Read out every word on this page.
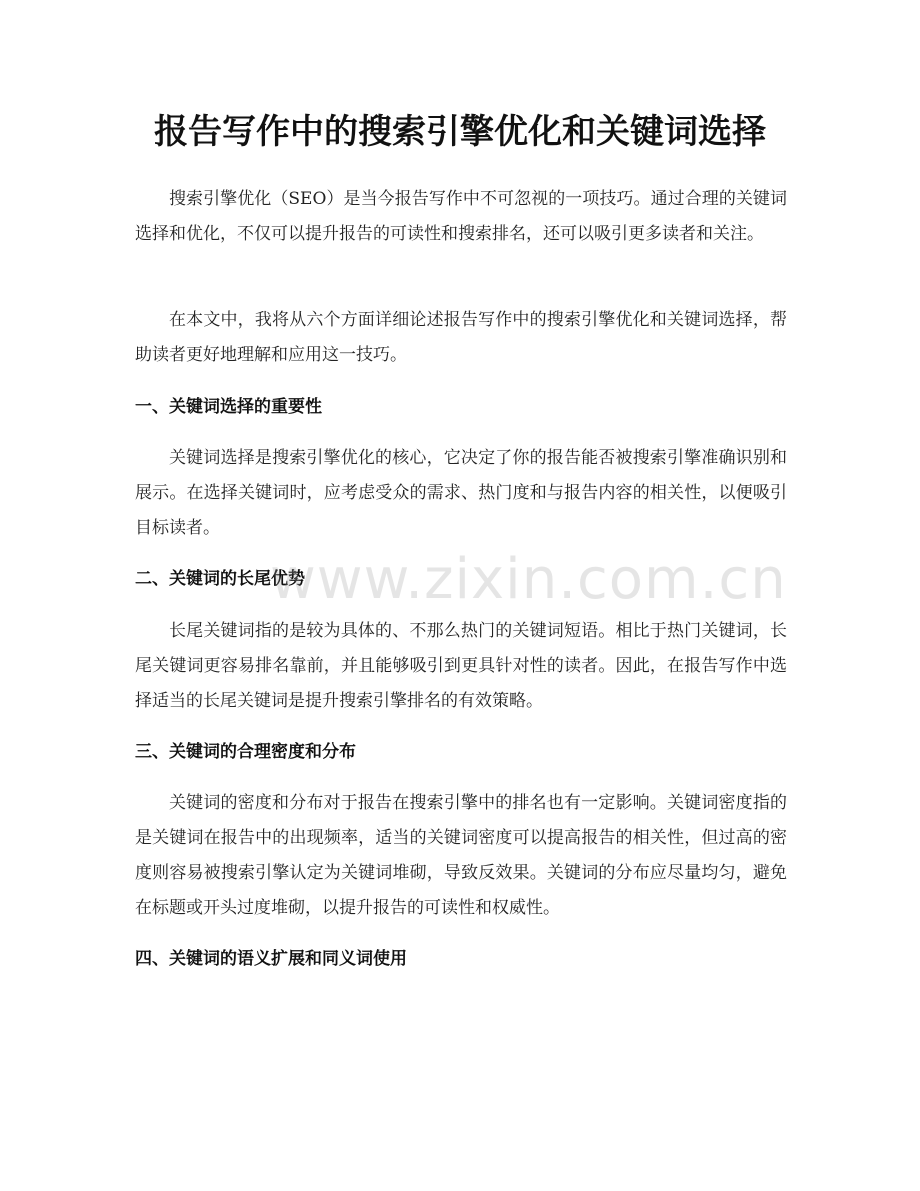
报告写作中的搜索引擎优化和关键词选择

搜索引擎优化（SEO）是当今报告写作中不可忽视的一项技巧。通过合理的关键词选择和优化，不仅可以提升报告的可读性和搜索排名，还可以吸引更多读者和关注。

在本文中，我将从六个方面详细论述报告写作中的搜索引擎优化和关键词选择，帮助读者更好地理解和应用这一技巧。

一、关键词选择的重要性

关键词选择是搜索引擎优化的核心，它决定了你的报告能否被搜索引擎准确识别和展示。在选择关键词时，应考虑受众的需求、热门度和与报告内容的相关性，以便吸引目标读者。

二、关键词的长尾优势

长尾关键词指的是较为具体的、不那么热门的关键词短语。相比于热门关键词，长尾关键词更容易排名靠前，并且能够吸引到更具针对性的读者。因此，在报告写作中选择适当的长尾关键词是提升搜索引擎排名的有效策略。

三、关键词的合理密度和分布

关键词的密度和分布对于报告在搜索引擎中的排名也有一定影响。关键词密度指的是关键词在报告中的出现频率，适当的关键词密度可以提高报告的相关性，但过高的密度则容易被搜索引擎认定为关键词堆砌，导致反效果。关键词的分布应尽量均匀，避免在标题或开头过度堆砌，以提升报告的可读性和权威性。

四、关键词的语义扩展和同义词使用
www.zixin.com.cn
